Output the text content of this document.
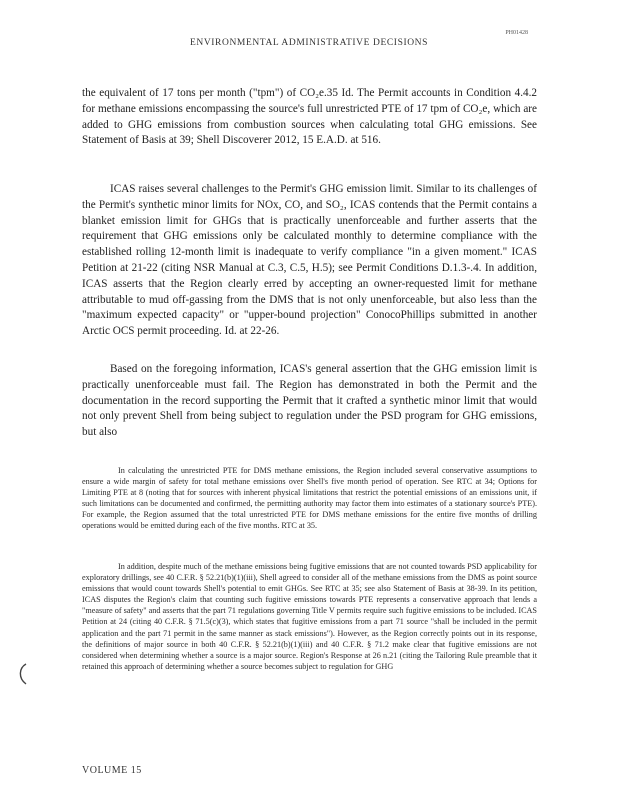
PH01428
ENVIRONMENTAL ADMINISTRATIVE DECISIONS

the equivalent of 17 tons per month ("tpm") of CO₂e.35 Id. The Permit accounts in Condition 4.4.2 for methane emissions encompassing the source's full unrestricted PTE of 17 tpm of CO₂e, which are added to GHG emissions from combustion sources when calculating total GHG emissions. See Statement of Basis at 39; Shell Discoverer 2012, 15 E.A.D. at 516.

ICAS raises several challenges to the Permit's GHG emission limit. Similar to its challenges of the Permit's synthetic minor limits for NOx, CO, and SO₂, ICAS contends that the Permit contains a blanket emission limit for GHGs that is practically unenforceable and further asserts that the requirement that GHG emissions only be calculated monthly to determine compliance with the established rolling 12-month limit is inadequate to verify compliance "in a given moment." ICAS Petition at 21-22 (citing NSR Manual at C.3, C.5, H.5); see Permit Conditions D.1.3-.4. In addition, ICAS asserts that the Region clearly erred by accepting an owner-requested limit for methane attributable to mud off-gassing from the DMS that is not only unenforceable, but also less than the "maximum expected capacity" or "upper-bound projection" ConocoPhillips submitted in another Arctic OCS permit proceeding. Id. at 22-26.

Based on the foregoing information, ICAS's general assertion that the GHG emission limit is practically unenforceable must fail. The Region has demonstrated in both the Permit and the documentation in the record supporting the Permit that it crafted a synthetic minor limit that would not only prevent Shell from being subject to regulation under the PSD program for GHG emissions, but also

In calculating the unrestricted PTE for DMS methane emissions, the Region included several conservative assumptions to ensure a wide margin of safety for total methane emissions over Shell's five month period of operation. See RTC at 34; Options for Limiting PTE at 8 (noting that for sources with inherent physical limitations that restrict the potential emissions of an emissions unit, if such limitations can be documented and confirmed, the permitting authority may factor them into estimates of a stationary source's PTE). For example, the Region assumed that the total unrestricted PTE for DMS methane emissions for the entire five months of drilling operations would be emitted during each of the five months. RTC at 35.

In addition, despite much of the methane emissions being fugitive emissions that are not counted towards PSD applicability for exploratory drillings, see 40 C.F.R. § 52.21(b)(1)(iii), Shell agreed to consider all of the methane emissions from the DMS as point source emissions that would count towards Shell's potential to emit GHGs. See RTC at 35; see also Statement of Basis at 38-39. In its petition, ICAS disputes the Region's claim that counting such fugitive emissions towards PTE represents a conservative approach that lends a "measure of safety" and asserts that the part 71 regulations governing Title V permits require such fugitive emissions to be included. ICAS Petition at 24 (citing 40 C.F.R. § 71.5(c)(3), which states that fugitive emissions from a part 71 source "shall be included in the permit application and the part 71 permit in the same manner as stack emissions"). However, as the Region correctly points out in its response, the definitions of major source in both 40 C.F.R. § 52.21(b)(1)(iii) and 40 C.F.R. § 71.2 make clear that fugitive emissions are not considered when determining whether a source is a major source. Region's Response at 26 n.21 (citing the Tailoring Rule preamble that it retained this approach of determining whether a source becomes subject to regulation for GHG

VOLUME 15
